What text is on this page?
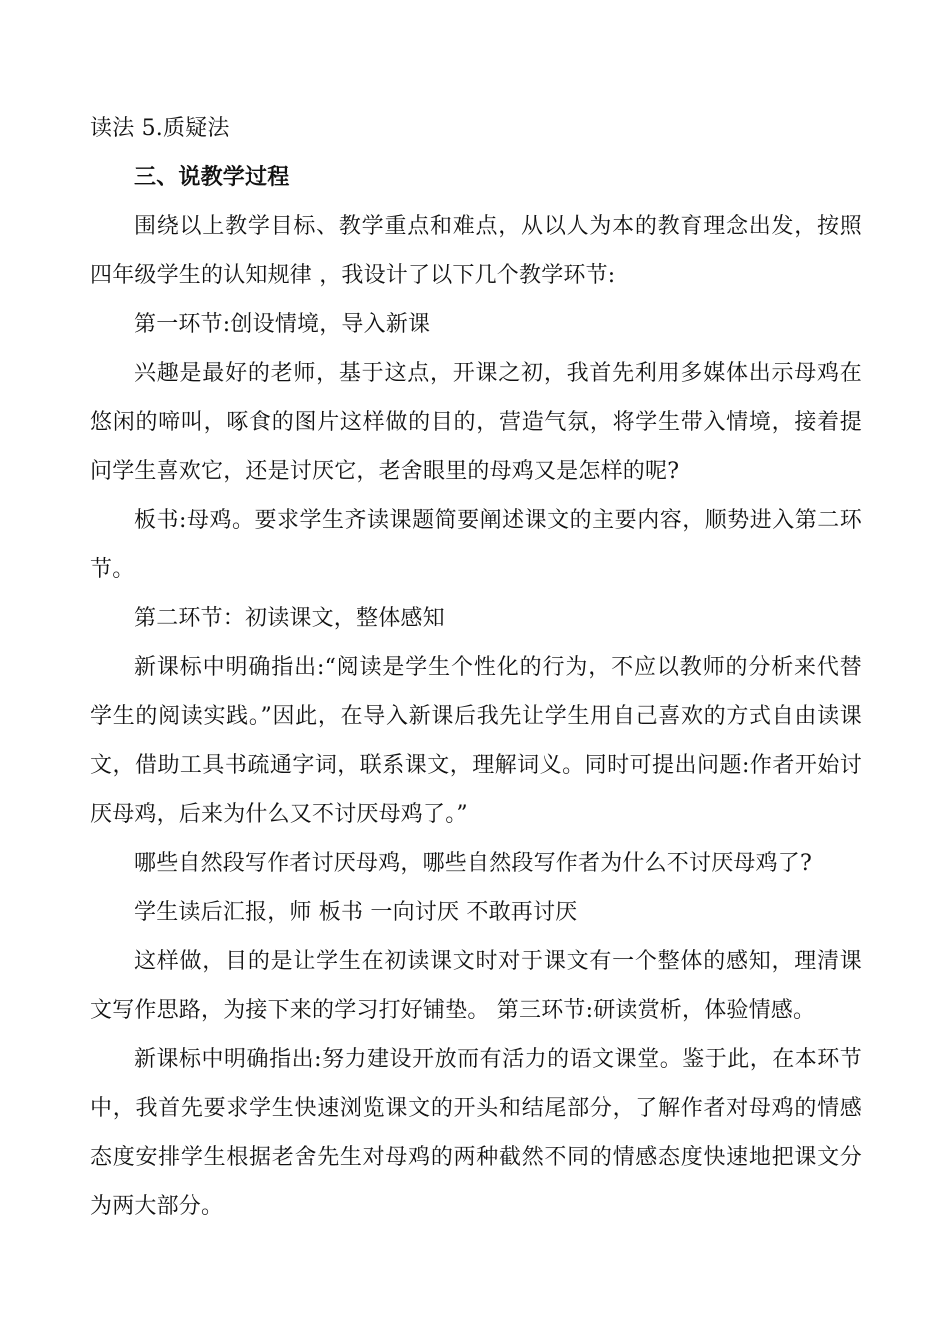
读法 5.质疑法

三、说教学过程

围绕以上教学目标、教学重点和难点，从以人为本的教育理念出发，按照四年级学生的认知规律 ，我设计了以下几个教学环节:

第一环节:创设情境，导入新课

兴趣是最好的老师，基于这点，开课之初，我首先利用多媒体出示母鸡在悠闲的啼叫，啄食的图片这样做的目的，营造气氛，将学生带入情境，接着提问学生喜欢它，还是讨厌它，老舍眼里的母鸡又是怎样的呢?

板书:母鸡。要求学生齐读课题简要阐述课文的主要内容，顺势进入第二环节。

第二环节：初读课文，整体感知

新课标中明确指出:“阅读是学生个性化的行为，不应以教师的分析来代替学生的阅读实践。”因此，在导入新课后我先让学生用自己喜欢的方式自由读课文，借助工具书疏通字词，联系课文，理解词义。同时可提出问题:作者开始讨厌母鸡，后来为什么又不讨厌母鸡了。”

哪些自然段写作者讨厌母鸡，哪些自然段写作者为什么不讨厌母鸡了?

学生读后汇报，师 板书 一向讨厌 不敢再讨厌

这样做，目的是让学生在初读课文时对于课文有一个整体的感知，理清课文写作思路，为接下来的学习打好铺垫。 第三环节:研读赏析，体验情感。

新课标中明确指出:努力建设开放而有活力的语文课堂。鉴于此，在本环节中，我首先要求学生快速浏览课文的开头和结尾部分，了解作者对母鸡的情感态度安排学生根据老舍先生对母鸡的两种截然不同的情感态度快速地把课文分为两大部分。
